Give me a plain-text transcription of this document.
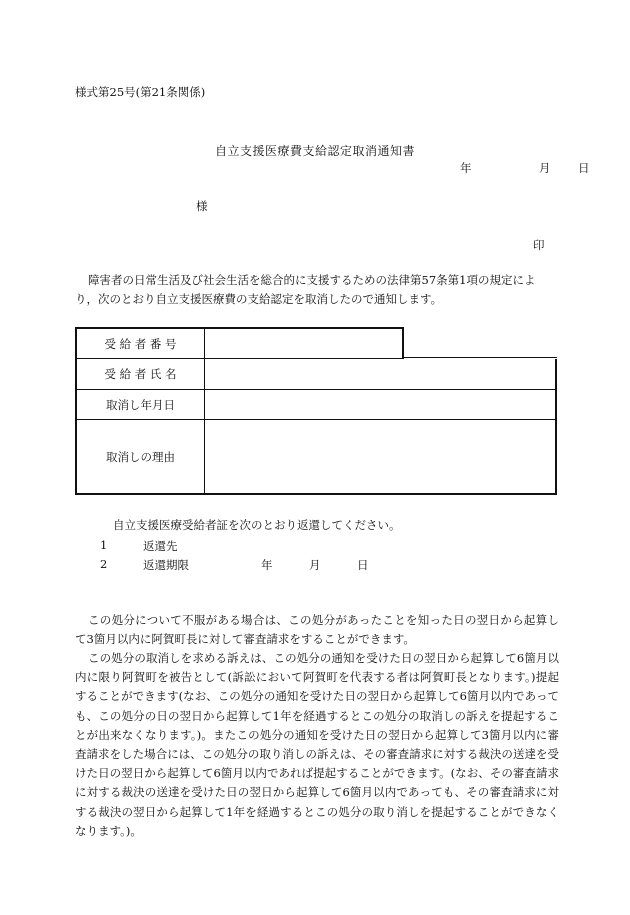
様式第25号(第21条関係)
自立支援医療費支給認定取消通知書
年	月 日
様
印
障害者の日常生活及び社会生活を総合的に支援するための法律第57条第1項の規定により，次のとおり自立支援医療費の支給認定を取消したので通知します。
受 給 者 番 号
受 給 者 氏 名
取消し年月日
取消しの理由
自立支援医療受給者証を次のとおり返還してください。
1	返還先
2	返還期限	年	月	日
この処分について不服がある場合は、この処分があったことを知った日の翌日から起算して3箇月以内に阿賀町長に対して審査請求をすることができます。
この処分の取消しを求める訴えは、この処分の通知を受けた日の翌日から起算して6箇月以内に限り阿賀町を被告として(訴訟において阿賀町を代表する者は阿賀町長となります。)提起することができます(なお、この処分の通知を受けた日の翌日から起算して6箇月以内であっても、この処分の日の翌日から起算して1年を経過するとこの処分の取消しの訴えを提起することが出来なくなります。)。またこの処分の通知を受けた日の翌日から起算して3箇月以内に審査請求をした場合には、この処分の取り消しの訴えは、その審査請求に対する裁決の送達を受けた日の翌日から起算して6箇月以内であれば提起することができます。(なお、その審査請求に対する裁決の送達を受けた日の翌日から起算して6箇月以内であっても、その審査請求に対する裁決の翌日から起算して1年を経過するとこの処分の取り消しを提起することができなくなります。)。
